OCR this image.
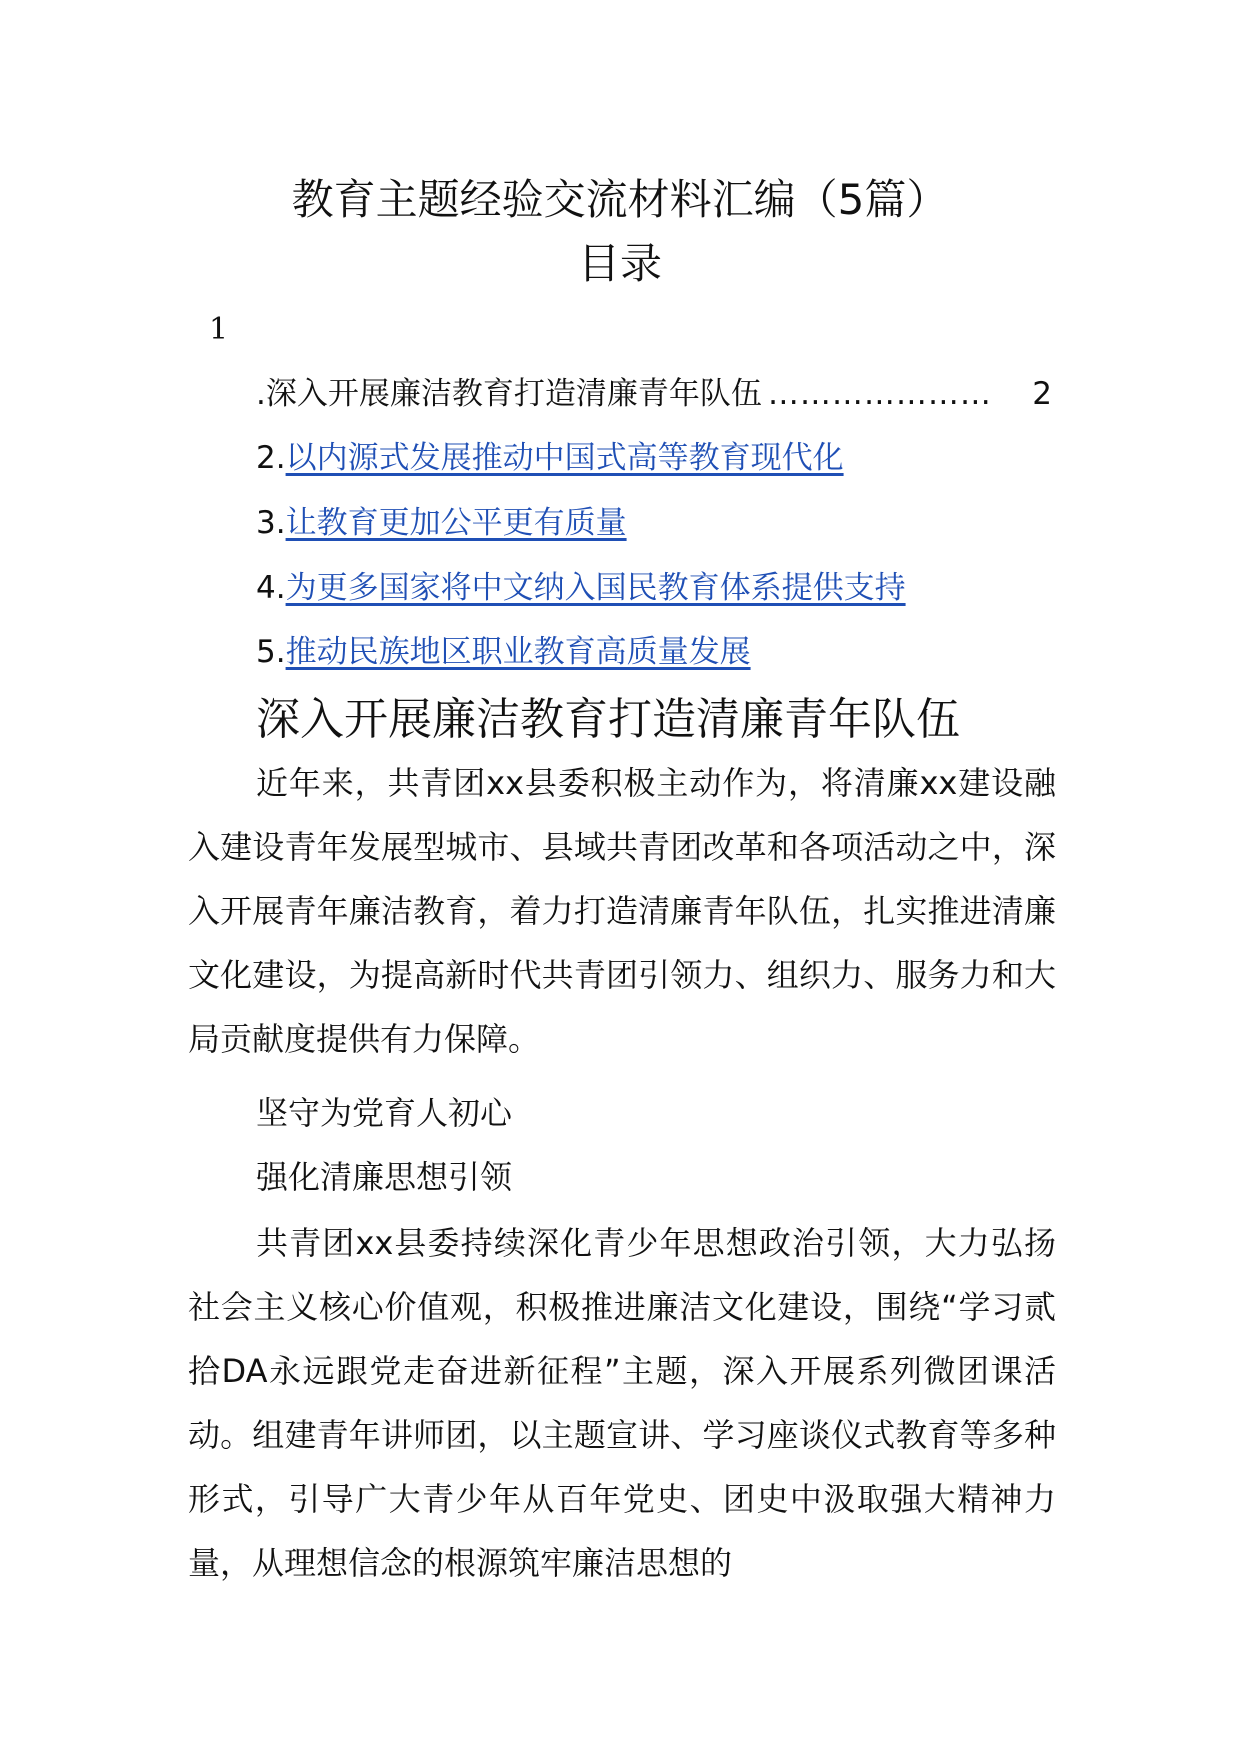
教育主题经验交流材料汇编（5篇）
目录
1
.深入开展廉洁教育打造清廉青年队伍 …………………	2
2.以内源式发展推动中国式高等教育现代化
3.让教育更加公平更有质量
4.为更多国家将中文纳入国民教育体系提供支持
5.推动民族地区职业教育高质量发展
深入开展廉洁教育打造清廉青年队伍

近年来，共青团xx县委积极主动作为，将清廉xx建设融入建设青年发展型城市、县域共青团改革和各项活动之中，深入开展青年廉洁教育，着力打造清廉青年队伍，扎实推进清廉文化建设，为提高新时代共青团引领力、组织力、服务力和大局贡献度提供有力保障。

坚守为党育人初心
强化清廉思想引领

共青团xx县委持续深化青少年思想政治引领，大力弘扬社会主义核心价值观，积极推进廉洁文化建设，围绕“学习贰拾DA永远跟党走奋进新征程”主题，深入开展系列微团课活动。组建青年讲师团，以主题宣讲、学习座谈仪式教育等多种形式，引导广大青少年从百年党史、团史中汲取强大精神力量，从理想信念的根源筑牢廉洁思想的
